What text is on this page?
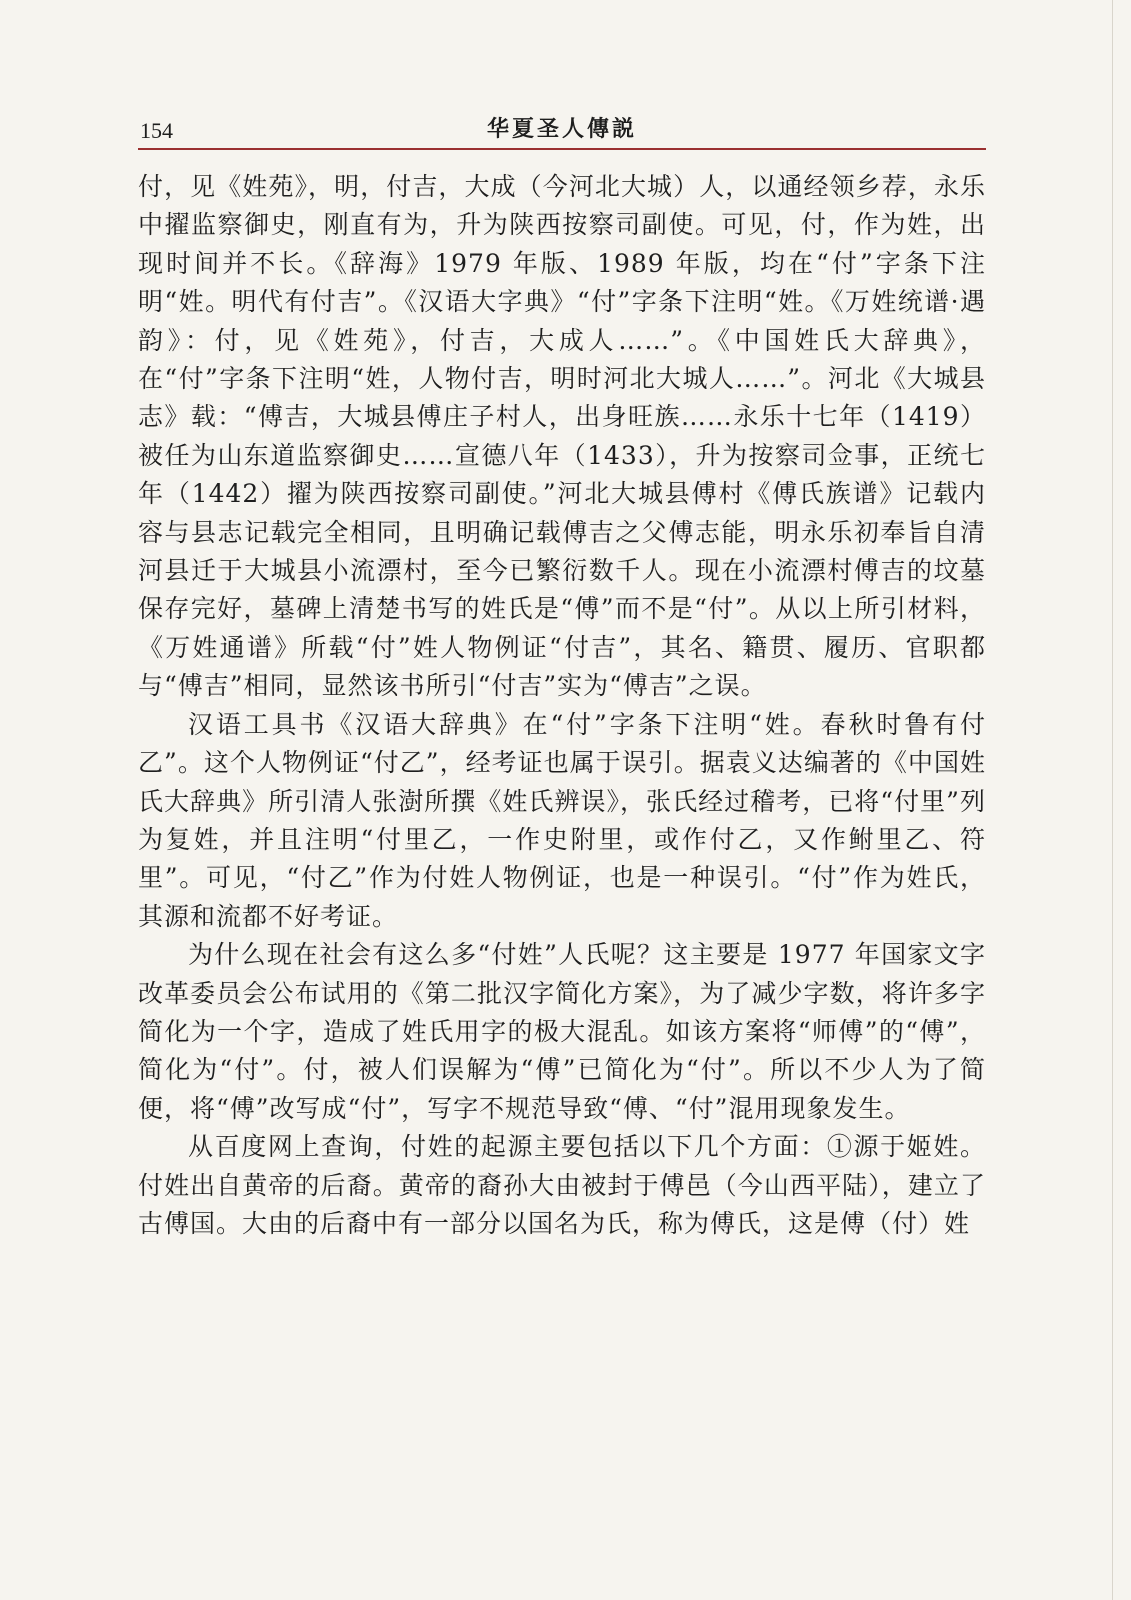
154	华夏圣人傳説

付，见《姓苑》，明，付吉，大成（今河北大城）人，以通经领乡荐，永乐中擢监察御史，刚直有为，升为陕西按察司副使。可见，付，作为姓，出现时间并不长。《辞海》1979 年版、1989 年版，均在“付”字条下注明“姓。明代有付吉”。《汉语大字典》“付”字条下注明“姓。《万姓统谱·遇韵》：付，见《姓苑》，付吉，大成人……”。《中国姓氏大辞典》，在“付”字条下注明“姓，人物付吉，明时河北大城人……”。河北《大城县志》载：“傅吉，大城县傅庄子村人，出身旺族……永乐十七年（1419）被任为山东道监察御史……宣德八年（1433），升为按察司佥事，正统七年（1442）擢为陕西按察司副使。”河北大城县傅村《傅氏族谱》记载内容与县志记载完全相同，且明确记载傅吉之父傅志能，明永乐初奉旨自清河县迁于大城县小流漂村，至今已繁衍数千人。现在小流漂村傅吉的坟墓保存完好，墓碑上清楚书写的姓氏是“傅”而不是“付”。从以上所引材料，《万姓通谱》所载“付”姓人物例证“付吉”，其名、籍贯、履历、官职都与“傅吉”相同，显然该书所引“付吉”实为“傅吉”之误。

汉语工具书《汉语大辞典》在“付”字条下注明“姓。春秋时鲁有付乙”。这个人物例证“付乙”，经考证也属于误引。据袁义达编著的《中国姓氏大辞典》所引清人张澍所撰《姓氏辨误》，张氏经过稽考，已将“付里”列为复姓，并且注明“付里乙，一作史附里，或作付乙，又作鲋里乙、符里”。可见，“付乙”作为付姓人物例证，也是一种误引。“付”作为姓氏，其源和流都不好考证。

为什么现在社会有这么多“付姓”人氏呢？这主要是 1977 年国家文字改革委员会公布试用的《第二批汉字简化方案》，为了减少字数，将许多字简化为一个字，造成了姓氏用字的极大混乱。如该方案将“师傅”的“傅”，简化为“付”。付，被人们误解为“傅”已简化为“付”。所以不少人为了简便，将“傅”改写成“付”，写字不规范导致“傅、“付”混用现象发生。

从百度网上查询，付姓的起源主要包括以下几个方面：①源于姬姓。付姓出自黄帝的后裔。黄帝的裔孙大由被封于傅邑（今山西平陆），建立了古傅国。大由的后裔中有一部分以国名为氏，称为傅氏，这是傅（付）姓
